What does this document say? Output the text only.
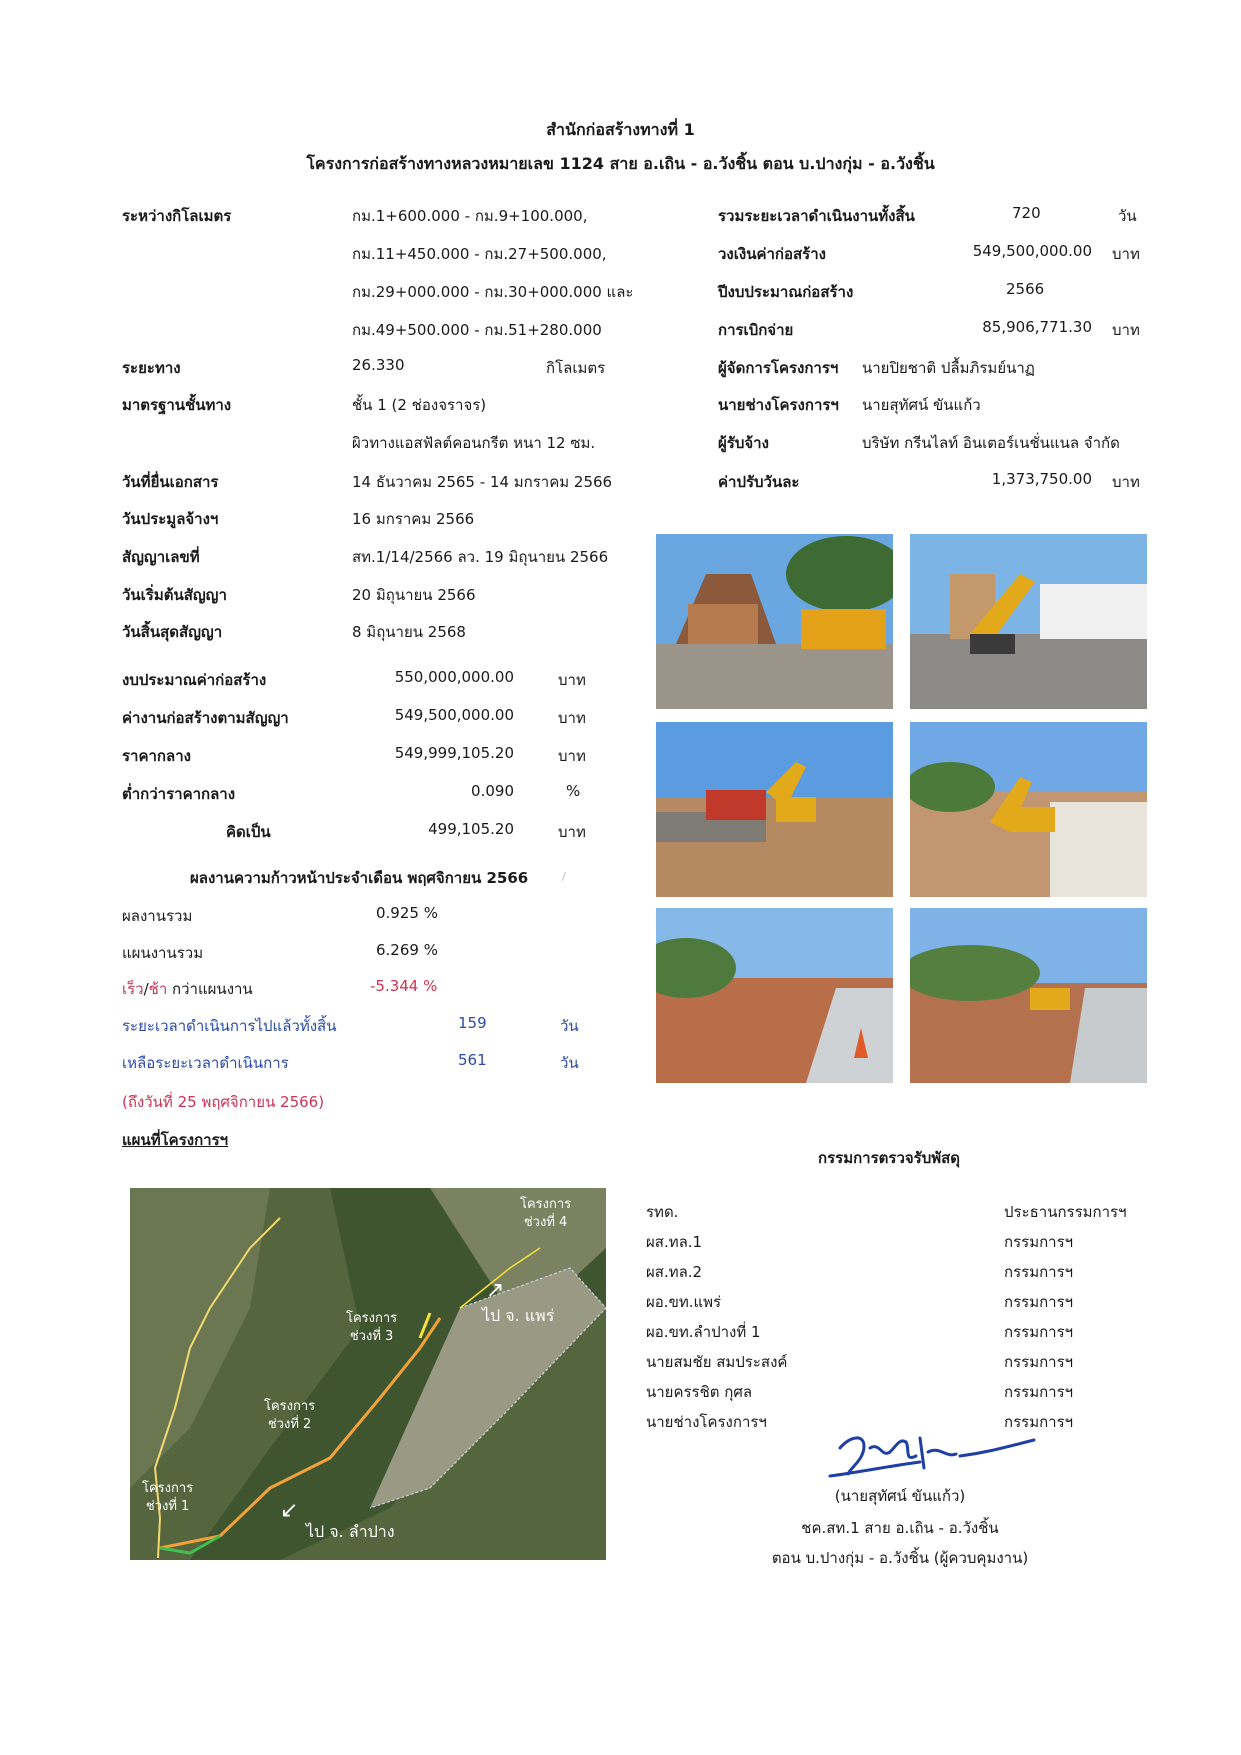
สำนักก่อสร้างทางที่ 1
โครงการก่อสร้างทางหลวงหมายเลข 1124 สาย อ.เถิน - อ.วังชิ้น ตอน บ.ปางกุ่ม - อ.วังชิ้น
ระหว่างกิโลเมตร	กม.1+600.000 - กม.9+100.000,
กม.11+450.000 - กม.27+500.000,
กม.29+000.000 - กม.30+000.000 และ
กม.49+500.000 - กม.51+280.000
ระยะทาง	26.330	กิโลเมตร
มาตรฐานชั้นทาง	ชั้น 1 (2 ช่องจราจร)
ผิวทางแอสฟัลต์คอนกรีต หนา 12 ซม.
วันที่ยื่นเอกสาร	14 ธันวาคม 2565 - 14 มกราคม 2566
วันประมูลจ้างฯ	16 มกราคม 2566
สัญญาเลขที่	สท.1/14/2566 ลว. 19 มิถุนายน 2566
วันเริ่มต้นสัญญา	20 มิถุนายน 2566
วันสิ้นสุดสัญญา	8 มิถุนายน 2568
รวมระยะเวลาดำเนินงานทั้งสิ้น	720	วัน
วงเงินค่าก่อสร้าง	549,500,000.00 บาท
ปีงบประมาณก่อสร้าง	2566
การเบิกจ่าย	85,906,771.30 บาท
ผู้จัดการโครงการฯ นายปิยชาติ ปลื้มภิรมย์นาฏ
นายช่างโครงการฯ นายสุทัศน์ ขันแก้ว
ผู้รับจ้าง	บริษัท กรีนไลท์ อินเตอร์เนชั่นแนล จำกัด
ค่าปรับวันละ	1,373,750.00 บาท
งบประมาณค่าก่อสร้าง	550,000,000.00	บาท
ค่างานก่อสร้างตามสัญญา	549,500,000.00	บาท
ราคากลาง	549,999,105.20	บาท
ต่ำกว่าราคากลาง	0.090	%
คิดเป็น	499,105.20	บาท
ผลงานความก้าวหน้าประจำเดือน พฤศจิกายน 2566	/
ผลงานรวม	0.925 %
แผนงานรวม	6.269 %
เร็ว/ช้า กว่าแผนงาน	-5.344 %
ระยะเวลาดำเนินการไปแล้วทั้งสิ้น	159	วัน
เหลือระยะเวลาดำเนินการ	561	วัน
(ถึงวันที่ 25 พฤศจิกายน 2566)
แผนที่โครงการฯ
โครงการ
ช่วงที่ 1
โครงการ
ช่วงที่ 2
โครงการ
ช่วงที่ 3
โครงการ
ช่วงที่ 4
↗
ไป จ. แพร่
↙
ไป จ. ลำปาง
กรรมการตรวจรับพัสดุ
รทด.	ประธานกรรมการฯ
ผส.ทล.1	กรรมการฯ
ผส.ทล.2	กรรมการฯ
ผอ.ขท.แพร่	กรรมการฯ
ผอ.ขท.ลำปางที่ 1	กรรมการฯ
นายสมชัย สมประสงค์	กรรมการฯ
นายครรชิต กุศล	กรรมการฯ
นายช่างโครงการฯ	กรรมการฯ
(นายสุทัศน์ ขันแก้ว)
ชค.สท.1 สาย อ.เถิน - อ.วังชิ้น
ตอน บ.ปางกุ่ม - อ.วังชิ้น (ผู้ควบคุมงาน)
